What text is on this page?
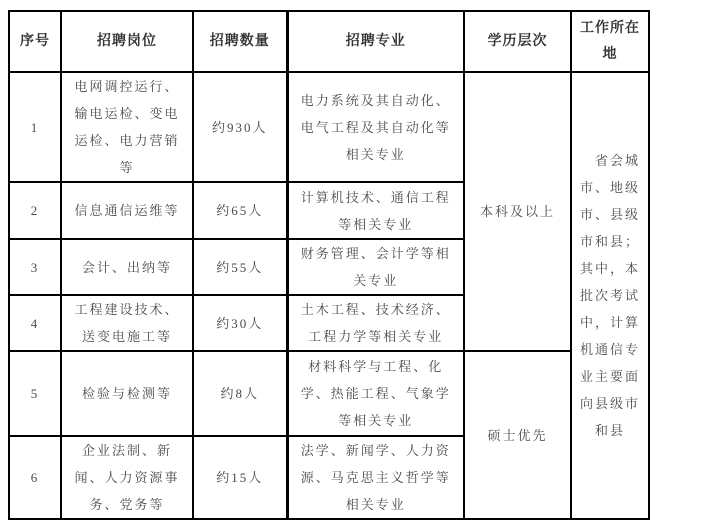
序号	招聘岗位	招聘数量	招聘专业	学历层次	工作所在地
1	电网调控运行、输电运检、变电运检、电力营销等	约930人	电力系统及其自动化、电气工程及其自动化等相关专业	本科及以上	省会城市、地级市、县级市和县；其中，本批次考试中，计算机通信专业主要面向县级市和县
2	信息通信运维等	约65人	计算机技术、通信工程等相关专业		
3	会计、出纳等	约55人	财务管理、会计学等相关专业		
4	工程建设技术、送变电施工等	约30人	土木工程、技术经济、工程力学等相关专业		
5	检验与检测等	约8人	材料科学与工程、化学、热能工程、气象学等相关专业	硕士优先	
6	企业法制、新闻、人力资源事务、党务等	约15人	法学、新闻学、人力资源、马克思主义哲学等相关专业		
